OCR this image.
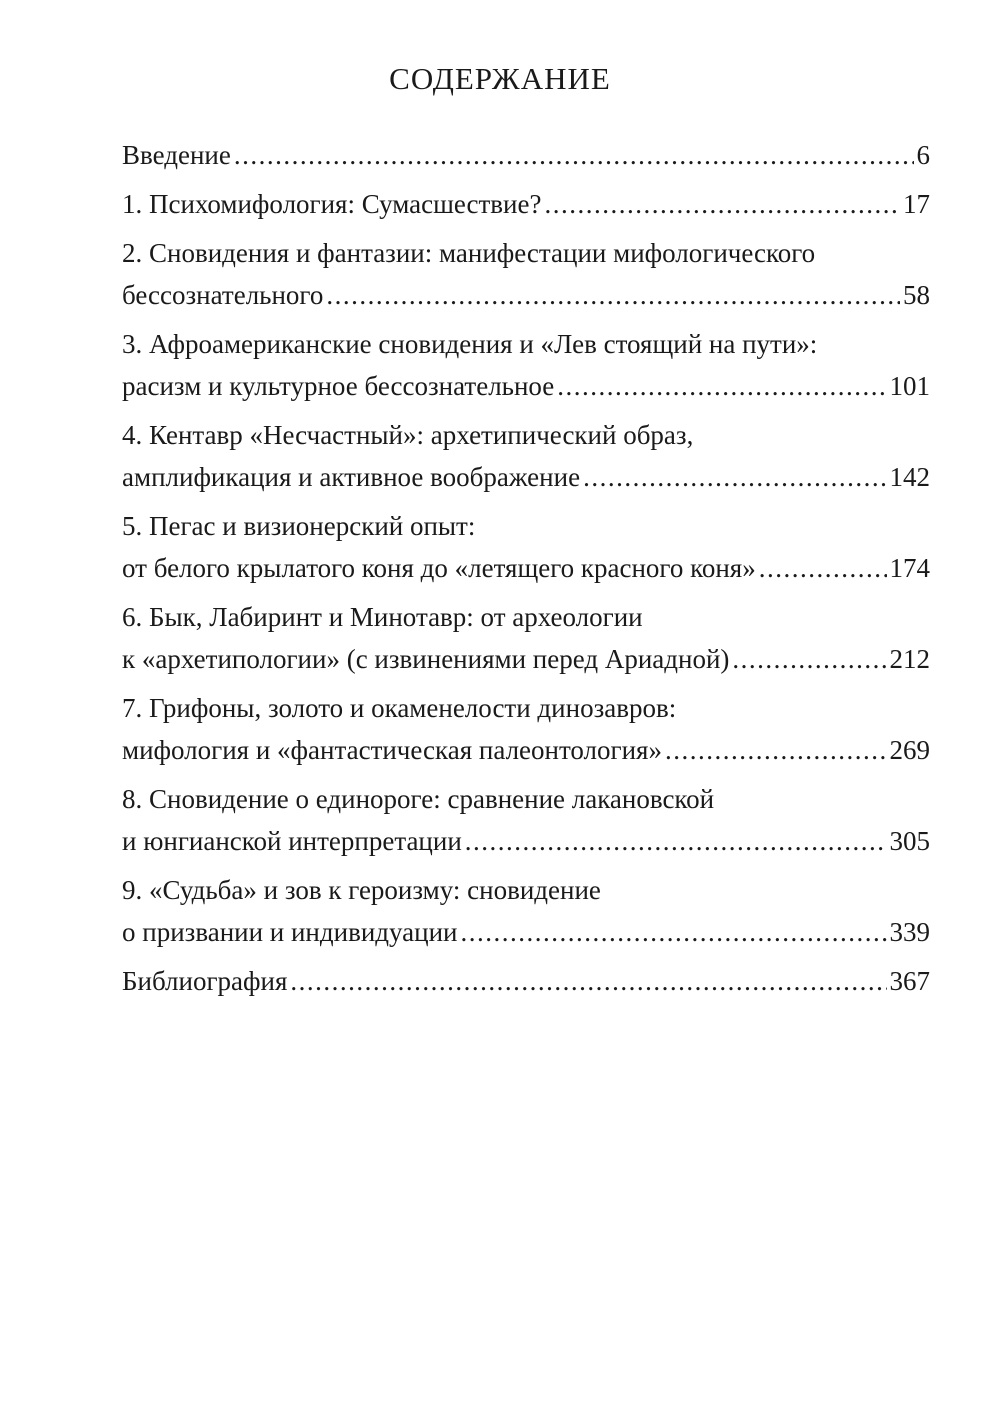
СОДЕРЖАНИЕ
Введение .....	6
1. Психомифология: Сумасшествие? .....	17
2. Сновидения и фантазии: манифестации мифологического
бессознательного .....	58
3. Афроамериканские сновидения и «Лев стоящий на пути»:
расизм и культурное бессознательное .....	101
4. Кентавр «Несчастный»: архетипический образ,
амплификация и активное воображение .....	142
5. Пегас и визионерский опыт:
от белого крылатого коня до «летящего красного коня» .....	174
6. Бык, Лабиринт и Минотавр: от археологии
к «архетипологии» (с извинениями перед Ариадной) .....	212
7. Грифоны, золото и окаменелости динозавров:
мифология и «фантастическая палеонтология» .....	269
8. Сновидение о единороге: сравнение лакановской
и юнгианской интерпретации .....	305
9. «Судьба» и зов к героизму: сновидение
о призвании и индивидуации .....	339
Библиография .....	367
